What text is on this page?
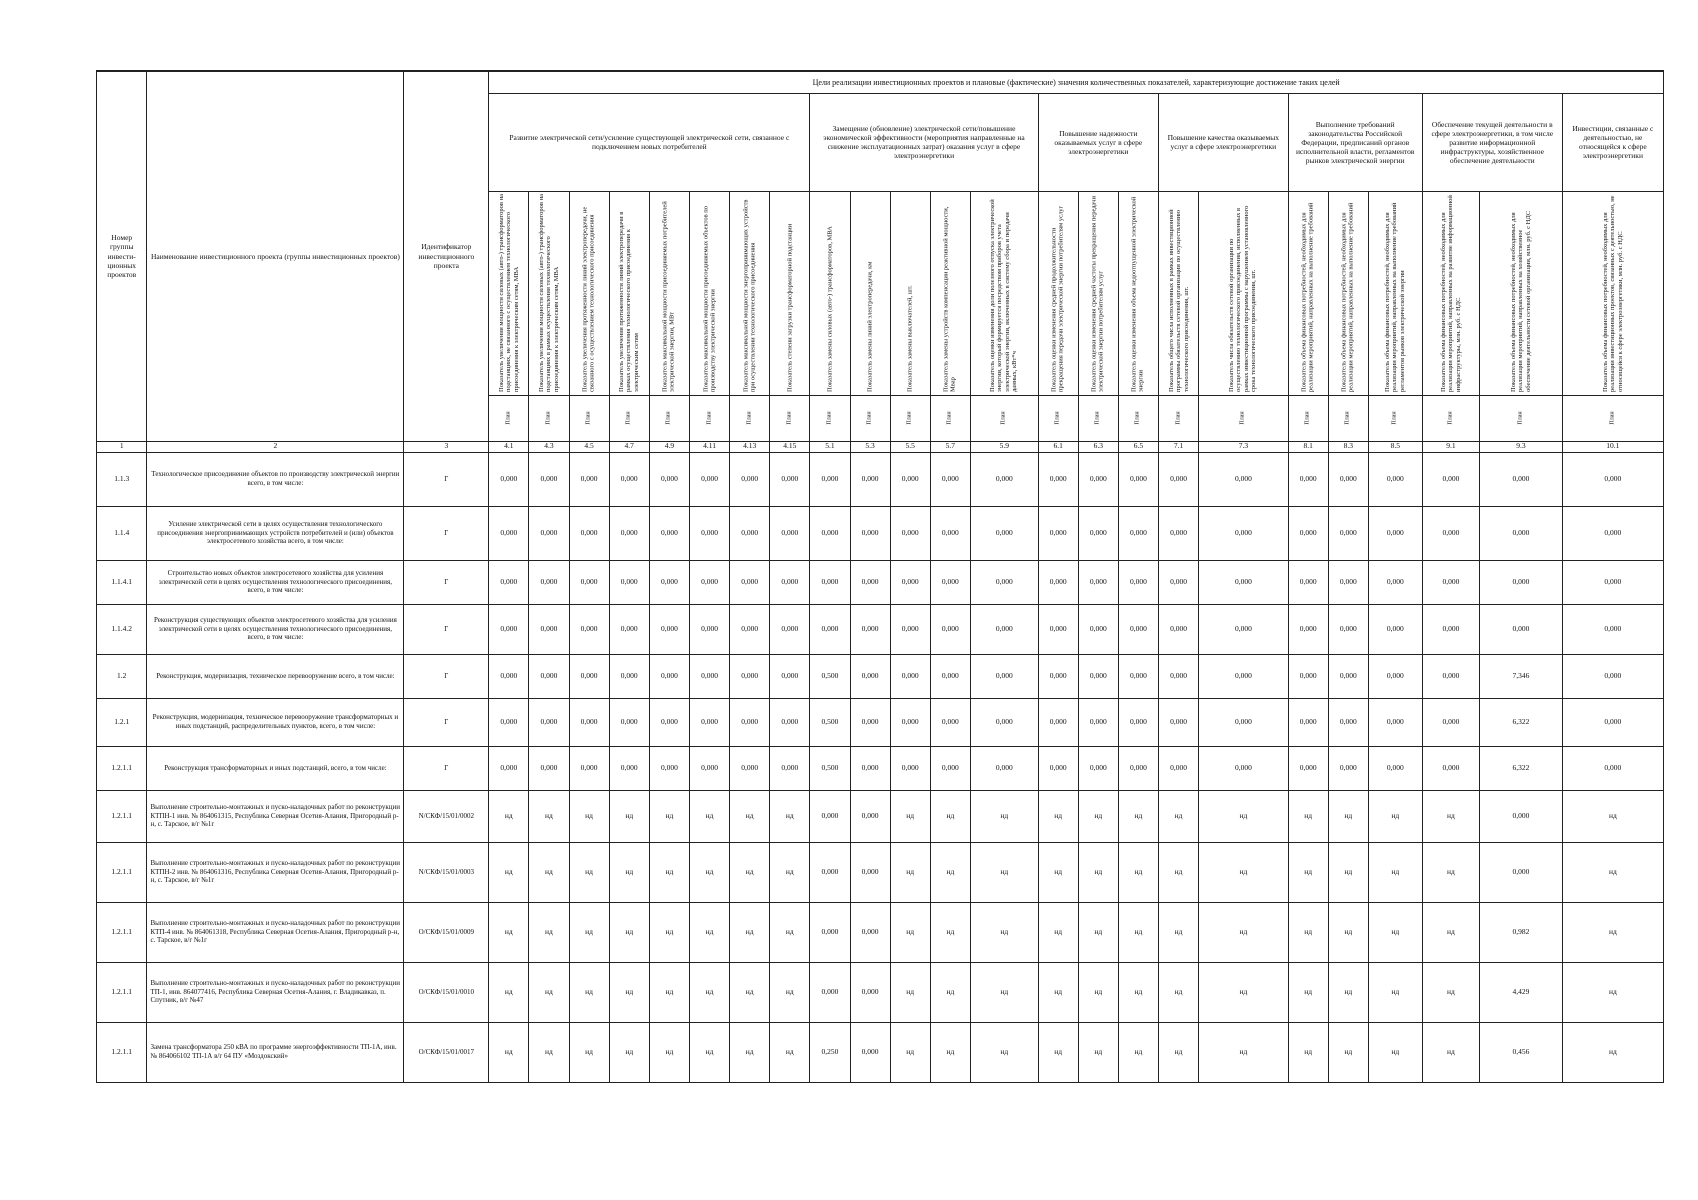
Номер группы инвести-ционных проектов	Наименование инвестиционного проекта (группы инвестиционных проектов)	Идентификатор инвестиционного проекта	Цели реализации инвестиционных проектов и плановые (фактические) значения количественных показателей, характеризующие достижение таких целей																							
			Развитие электрической сети/усиление существующей электрической сети, связанное с подключением новых потребителей								Замещение (обновление) электрической сети/повышение экономической эффективности (мероприятия направленные на снижение эксплуатационных затрат) оказания услуг в сфере электроэнергетики					Повышение надежности оказываемых услуг в сфере электроэнергетики			Повышение качества оказываемых услуг в сфере электроэнергетики		Выполнение требований законодательства Российской Федерации, предписаний органов исполнительной власти, регламентов рынков электрической энергии			Обеспечение текущей деятельности в сфере электроэнергетики, в том числе развитие информационной инфраструктуры, хозяйственное обеспечение деятельности		Инвестиции, связанные с деятельностью, не относящейся к сфере электроэнергетики

			Показатель увеличения мощности силовых (авто-) трансформаторов на подстанциях, не связанного с осуществлением технологического присоединения к электрическим сетям, МВА	Показатель увеличения мощности силовых (авто-) трансформаторов на подстанциях в рамках осуществления технологического присоединения к электрическим сетям, МВА	Показатель увеличения протяженности линий электропередачи, не связанного с осуществлением технологического присоединения	Показатель увеличения протяженности линий электропередачи в рамках осуществления технологического присоединения к электрическим сетям	Показатель максимальной мощности присоединяемых потребителей электрической энергии, МВт	Показатель максимальной мощности присоединяемых объектов по производству электрической энергии	Показатель максимальной мощности энергопринимающих устройств при осуществлении технологического присоединения	Показатель степени загрузки трансформаторной подстанции	Показатель замены силовых (авто-) трансформаторов, МВА	Показатель замены линий электропередачи, км	Показатель замены выключателей, шт.	Показатель замены устройств компенсации реактивной мощности, Мвар	Показатель оценки изменения доли полезного отпуска электрической энергии, который формируется посредством приборов учета электрической энергии, включенных в систему сбора и передачи данных, кВт*ч	Показатель оценки изменения средней продолжительности прекращения передачи электрической энергии потребителям услуг	Показатель оценки изменения средней частоты прекращения передачи электрической энергии потребителям услуг	Показатель оценки изменения объема недоотпущенной электрической энергии	Показатель общего числа исполненных в рамках инвестиционной программы обязательств сетевой организации по осуществлению технологического присоединения, шт.	Показатель числа обязательств сетевой организации по осуществлению технологического присоединения, исполненных в рамках инвестиционной программы с нарушением установленного срока технологического присоединения, шт.	Показатель объема финансовых потребностей, необходимых для реализации мероприятий, направленных на выполнение требований	Показатель объема финансовых потребностей, необходимых для реализации мероприятий, направленных на выполнение требований	Показатель объема финансовых потребностей, необходимых для реализации мероприятий, направленных на выполнение требований регламентов рынков электрической энергии	Показатель объема финансовых потребностей, необходимых для реализации мероприятий, направленных на развитие информационной инфраструктуры, млн. руб. с НДС	Показатель объема финансовых потребностей, необходимых для реализации мероприятий, направленных на хозяйственное обеспечение деятельности сетевой организации, млн. руб. с НДС	Показатель объема финансовых потребностей, необходимых для реализации инвестиционных проектов, связанных с деятельностью, не относящейся к сфере электроэнергетики, млн. руб. с НДС

			План	План	План	План	План	План	План	План	План	План	План	План	План	План	План	План	План	План	План	План	План	План	План	План

1	2	3	4.1	4.3	4.5	4.7	4.9	4.11	4.13	4.15	5.1	5.3	5.5	5.7	5.9	6.1	6.3	6.5	7.1	7.3	8.1	8.3	8.5	9.1	9.3	10.1
1.1.3	Технологическое присоединение объектов по производству электрической энергии всего, в том числе:	Г	0,000	0,000	0,000	0,000	0,000	0,000	0,000	0,000	0,000	0,000	0,000	0,000	0,000	0,000	0,000	0,000	0,000	0,000	0,000	0,000	0,000	0,000	0,000	0,000
1.1.4	Усиление электрической сети в целях осуществления технологического присоединения энергопринимающих устройств потребителей и (или) объектов электросетевого хозяйства всего, в том числе:	Г	0,000	0,000	0,000	0,000	0,000	0,000	0,000	0,000	0,000	0,000	0,000	0,000	0,000	0,000	0,000	0,000	0,000	0,000	0,000	0,000	0,000	0,000	0,000	0,000
1.1.4.1	Строительство новых объектов электросетевого хозяйства для усиления электрической сети в целях осуществления технологического присоединения, всего, в том числе:	Г	0,000	0,000	0,000	0,000	0,000	0,000	0,000	0,000	0,000	0,000	0,000	0,000	0,000	0,000	0,000	0,000	0,000	0,000	0,000	0,000	0,000	0,000	0,000	0,000
1.1.4.2	Реконструкция существующих объектов электросетевого хозяйства для усиления электрической сети в целях осуществления технологического присоединения, всего, в том числе:	Г	0,000	0,000	0,000	0,000	0,000	0,000	0,000	0,000	0,000	0,000	0,000	0,000	0,000	0,000	0,000	0,000	0,000	0,000	0,000	0,000	0,000	0,000	0,000	0,000
1.2	Реконструкция, модернизация, техническое перевооружение всего, в том числе:	Г	0,000	0,000	0,000	0,000	0,000	0,000	0,000	0,000	0,500	0,000	0,000	0,000	0,000	0,000	0,000	0,000	0,000	0,000	0,000	0,000	0,000	0,000	7,346	0,000
1.2.1	Реконструкция, модернизация, техническое перевооружение трансформаторных и иных подстанций, распределительных пунктов, всего, в том числе:	Г	0,000	0,000	0,000	0,000	0,000	0,000	0,000	0,000	0,500	0,000	0,000	0,000	0,000	0,000	0,000	0,000	0,000	0,000	0,000	0,000	0,000	0,000	6,322	0,000
1.2.1.1	Реконструкция трансформаторных и иных подстанций, всего, в том числе:	Г	0,000	0,000	0,000	0,000	0,000	0,000	0,000	0,000	0,500	0,000	0,000	0,000	0,000	0,000	0,000	0,000	0,000	0,000	0,000	0,000	0,000	0,000	6,322	0,000
1.2.1.1	Выполнение строительно-монтажных и пуско-наладочных работ по реконструкции КТПН-1 инв. № 864061315, Республика Северная Осетия-Алания, Пригородный р-н, с. Тарское, в/г №1г	N/СКФ/15/01/0002	нд	нд	нд	нд	нд	нд	нд	нд	0,000	0,000	нд	нд	нд	нд	нд	нд	нд	нд	нд	нд	нд	нд	0,000	нд
1.2.1.1	Выполнение строительно-монтажных и пуско-наладочных работ по реконструкции КТПН-2 инв. № 864061316, Республика Северная Осетия-Алания, Пригородный р-н, с. Тарское, в/г №1г	N/СКФ/15/01/0003	нд	нд	нд	нд	нд	нд	нд	нд	0,000	0,000	нд	нд	нд	нд	нд	нд	нд	нд	нд	нд	нд	нд	0,000	нд
1.2.1.1	Выполнение строительно-монтажных и пуско-наладочных работ по реконструкции КТП-4 инв. № 864061318, Республика Северная Осетия-Алания, Пригородный р-н, с. Тарское, в/г №1г	O/СКФ/15/01/0009	нд	нд	нд	нд	нд	нд	нд	нд	0,000	0,000	нд	нд	нд	нд	нд	нд	нд	нд	нд	нд	нд	нд	0,982	нд
1.2.1.1	Выполнение строительно-монтажных и пуско-наладочных работ по реконструкции ТП-1, инв. 864077416, Республика Северная Осетия-Алания, г. Владикавказ, п. Спутник, в/г №47	O/СКФ/15/01/0010	нд	нд	нд	нд	нд	нд	нд	нд	0,000	0,000	нд	нд	нд	нд	нд	нд	нд	нд	нд	нд	нд	нд	4,429	нд
1.2.1.1	Замена трансформатора 250 кВА по программе энергоэффективности ТП-1А, инв. № 864066102 ТП-1А в/г 64 ПУ «Моздокский»	O/СКФ/15/01/0017	нд	нд	нд	нд	нд	нд	нд	нд	0,250	0,000	нд	нд	нд	нд	нд	нд	нд	нд	нд	нд	нд	нд	0,456	нд
